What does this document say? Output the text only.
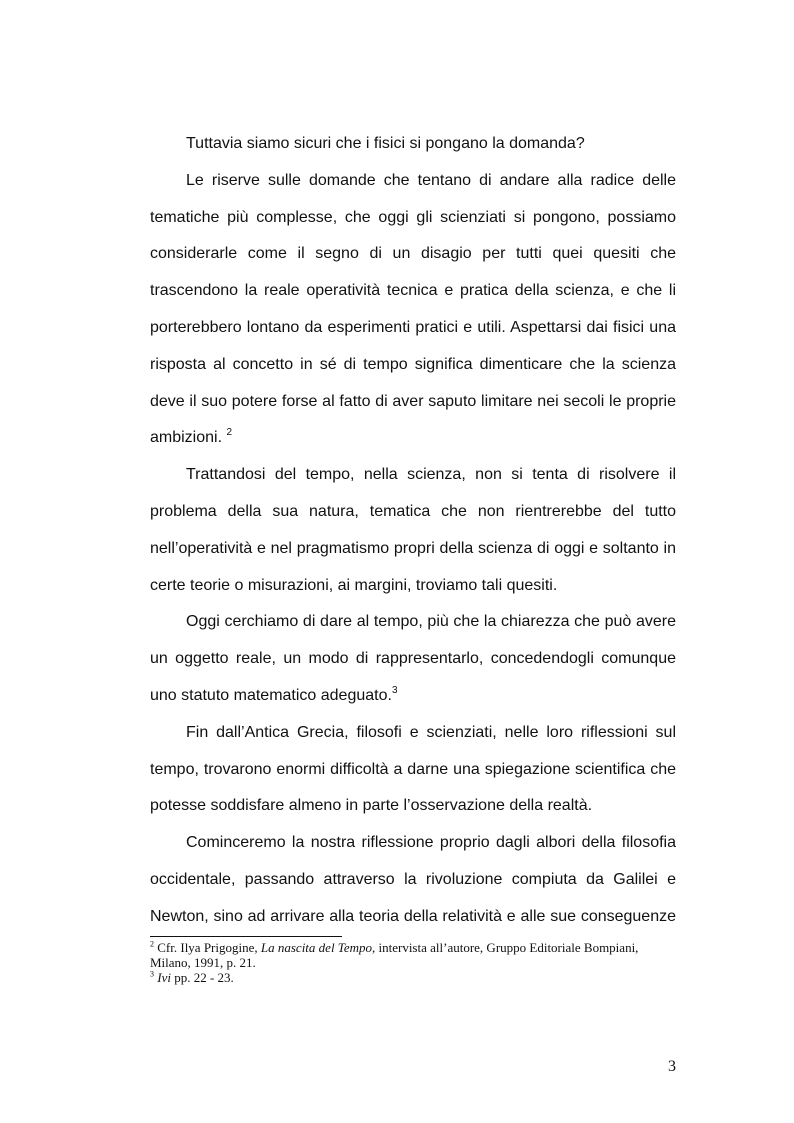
Tuttavia siamo sicuri che i fisici si pongano la domanda?

Le riserve sulle domande che tentano di andare alla radice delle tematiche più complesse, che oggi gli scienziati si pongono, possiamo considerarle come il segno di un disagio per tutti quei quesiti che trascendono la reale operatività tecnica e pratica della scienza, e che li porterebbero lontano da esperimenti pratici e utili. Aspettarsi dai fisici una risposta al concetto in sé di tempo significa dimenticare che la scienza deve il suo potere forse al fatto di aver saputo limitare nei secoli le proprie ambizioni. $^2$

Trattandosi del tempo, nella scienza, non si tenta di risolvere il problema della sua natura, tematica che non rientrerebbe del tutto nell’operatività e nel pragmatismo propri della scienza di oggi e soltanto in certe teorie o misurazioni, ai margini, troviamo tali quesiti.

Oggi cerchiamo di dare al tempo, più che la chiarezza che può avere un oggetto reale, un modo di rappresentarlo, concedendogli comunque uno statuto matematico adeguato.$^3$

Fin dall’Antica Grecia, filosofi e scienziati, nelle loro riflessioni sul tempo, trovarono enormi difficoltà a darne una spiegazione scientifica che potesse soddisfare almeno in parte l’osservazione della realtà.

Cominceremo la nostra riflessione proprio dagli albori della filosofia occidentale, passando attraverso la rivoluzione compiuta da Galilei e Newton, sino ad arrivare alla teoria della relatività e alle sue conseguenze

$^2$ Cfr. Ilya Prigogine, La nascita del Tempo, intervista all’autore, Gruppo Editoriale Bompiani, Milano, 1991, p. 21.
$^3$ Ivi pp. 22 - 23.
3
